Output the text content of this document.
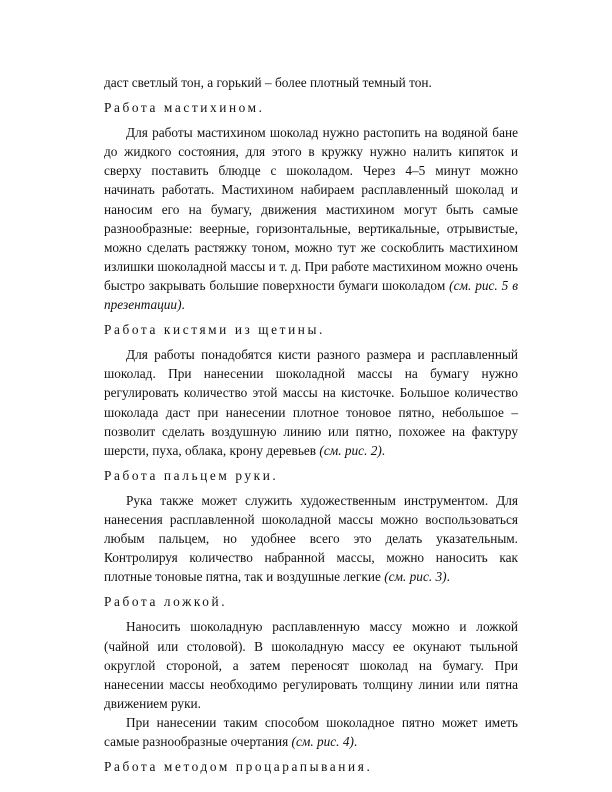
даст светлый тон, а горький – более плотный темный тон.

Работа мастихином.

Для работы мастихином шоколад нужно растопить на водяной бане до жидкого состояния, для этого в кружку нужно налить кипяток и сверху поставить блюдце с шоколадом. Через 4–5 минут можно начинать работать. Мастихином набираем расплавленный шоколад и наносим его на бумагу, движения мастихином могут быть самые разнообразные: веерные, горизонтальные, вертикальные, отрывистые, можно сделать растяжку тоном, можно тут же соскоблить мастихином излишки шоколадной массы и т. д. При работе мастихином можно очень быстро закрывать большие поверхности бумаги шоколадом (см. рис. 5 в презентации).

Работа кистями из щетины.

Для работы понадобятся кисти разного размера и расплавленный шоколад. При нанесении шоколадной массы на бумагу нужно регулировать количество этой массы на кисточке. Большое количество шоколада даст при нанесении плотное тоновое пятно, небольшое – позволит сделать воздушную линию или пятно, похожее на фактуру шерсти, пуха, облака, крону деревьев (см. рис. 2).

Работа пальцем руки.

Рука также может служить художественным инструментом. Для нанесения расплавленной шоколадной массы можно воспользоваться любым пальцем, но удобнее всего это делать указательным. Контролируя количество набранной массы, можно наносить как плотные тоновые пятна, так и воздушные легкие (см. рис. 3).

Работа ложкой.

Наносить шоколадную расплавленную массу можно и ложкой (чайной или столовой). В шоколадную массу ее окунают тыльной округлой стороной, а затем переносят шоколад на бумагу. При нанесении массы необходимо регулировать толщину линии или пятна движением руки.

При нанесении таким способом шоколадное пятно может иметь самые разнообразные очертания (см. рис. 4).

Работа методом процарапывания.
